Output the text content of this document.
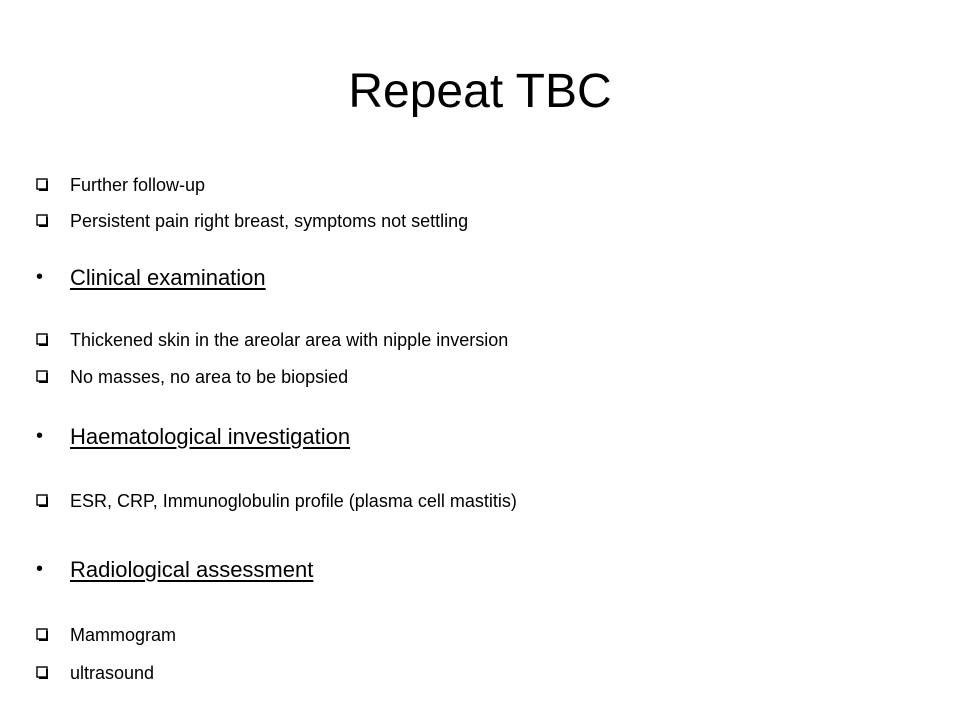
Repeat TBC
Further follow-up
Persistent pain right breast, symptoms not settling
• Clinical examination
Thickened skin in the areolar area with nipple inversion
No masses, no area to be biopsied
• Haematological investigation
ESR, CRP, Immunoglobulin profile (plasma cell mastitis)
• Radiological assessment
Mammogram
ultrasound
